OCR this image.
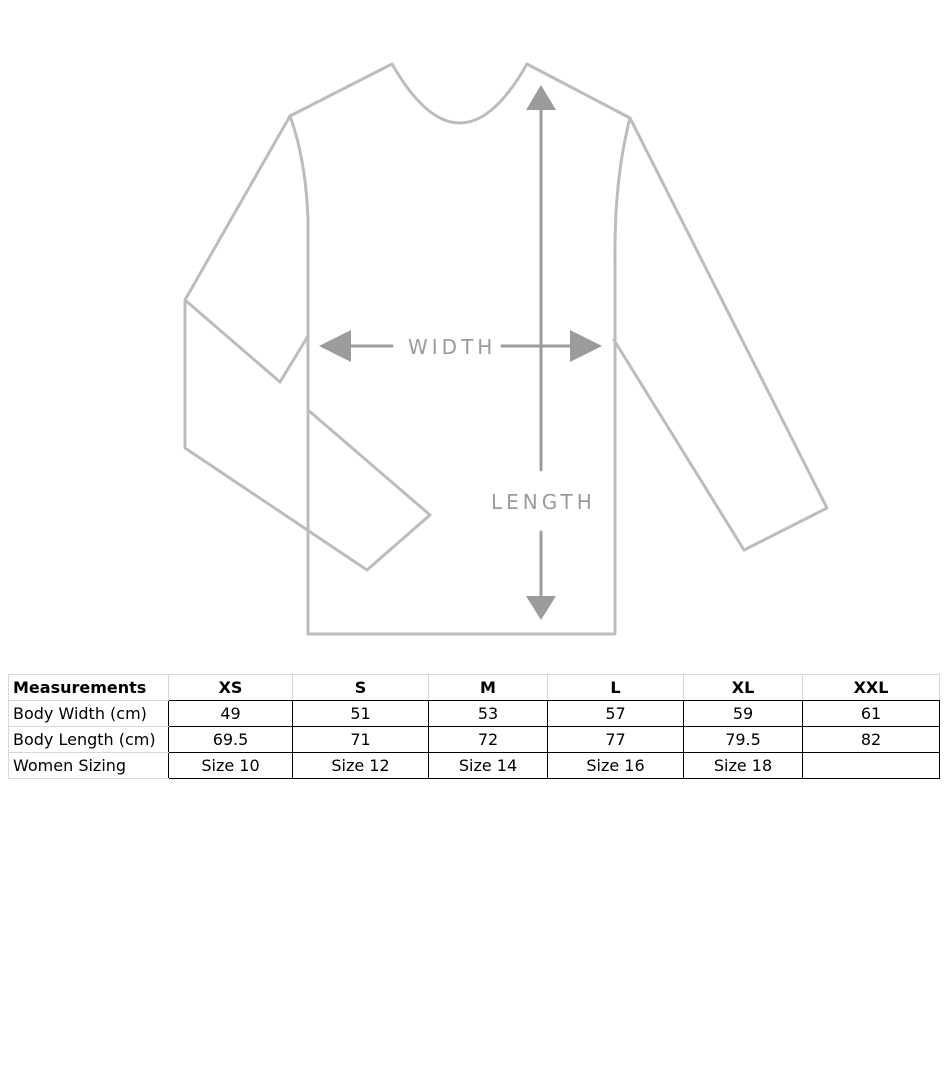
WIDTH
LENGTH
Measurements	XS	S	M	L	XL	XXL
Body Width (cm)	49	51	53	57	59	61
Body Length (cm)	69.5	71	72	77	79.5	82
Women Sizing	Size 10	Size 12	Size 14	Size 16	Size 18	
